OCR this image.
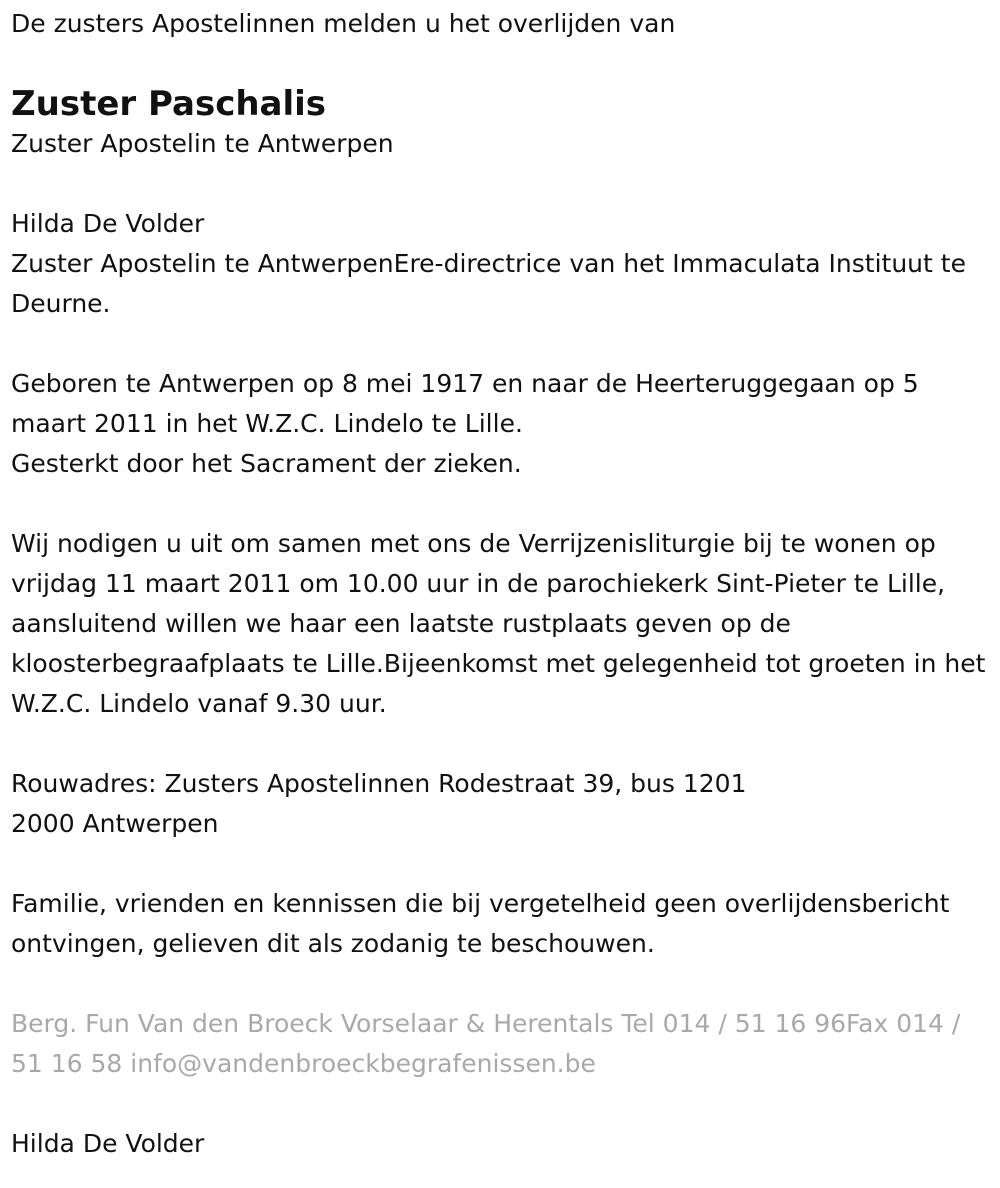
De zusters Apostelinnen melden u het overlijden van
Zuster Paschalis
Zuster Apostelin te Antwerpen
Hilda De Volder
Zuster Apostelin te AntwerpenEre-directrice van het Immaculata Instituut te Deurne.
Geboren te Antwerpen op 8 mei 1917 en naar de Heerteruggegaan op 5 maart 2011 in het W.Z.C. Lindelo te Lille.
Gesterkt door het Sacrament der zieken.
Wij nodigen u uit om samen met ons de Verrijzenisliturgie bij te wonen op vrijdag 11 maart 2011 om 10.00 uur in de parochiekerk Sint-Pieter te Lille, aansluitend willen we haar een laatste rustplaats geven op de kloosterbegraafplaats te Lille.Bijeenkomst met gelegenheid tot groeten in het W.Z.C. Lindelo vanaf 9.30 uur.
Rouwadres: Zusters Apostelinnen Rodestraat 39, bus 1201
2000 Antwerpen
Familie, vrienden en kennissen die bij vergetelheid geen overlijdensbericht ontvingen, gelieven dit als zodanig te beschouwen.
Berg. Fun Van den Broeck Vorselaar & Herentals Tel 014 / 51 16 96Fax 014 / 51 16 58 info@vandenbroeckbegrafenissen.be
Hilda De Volder
